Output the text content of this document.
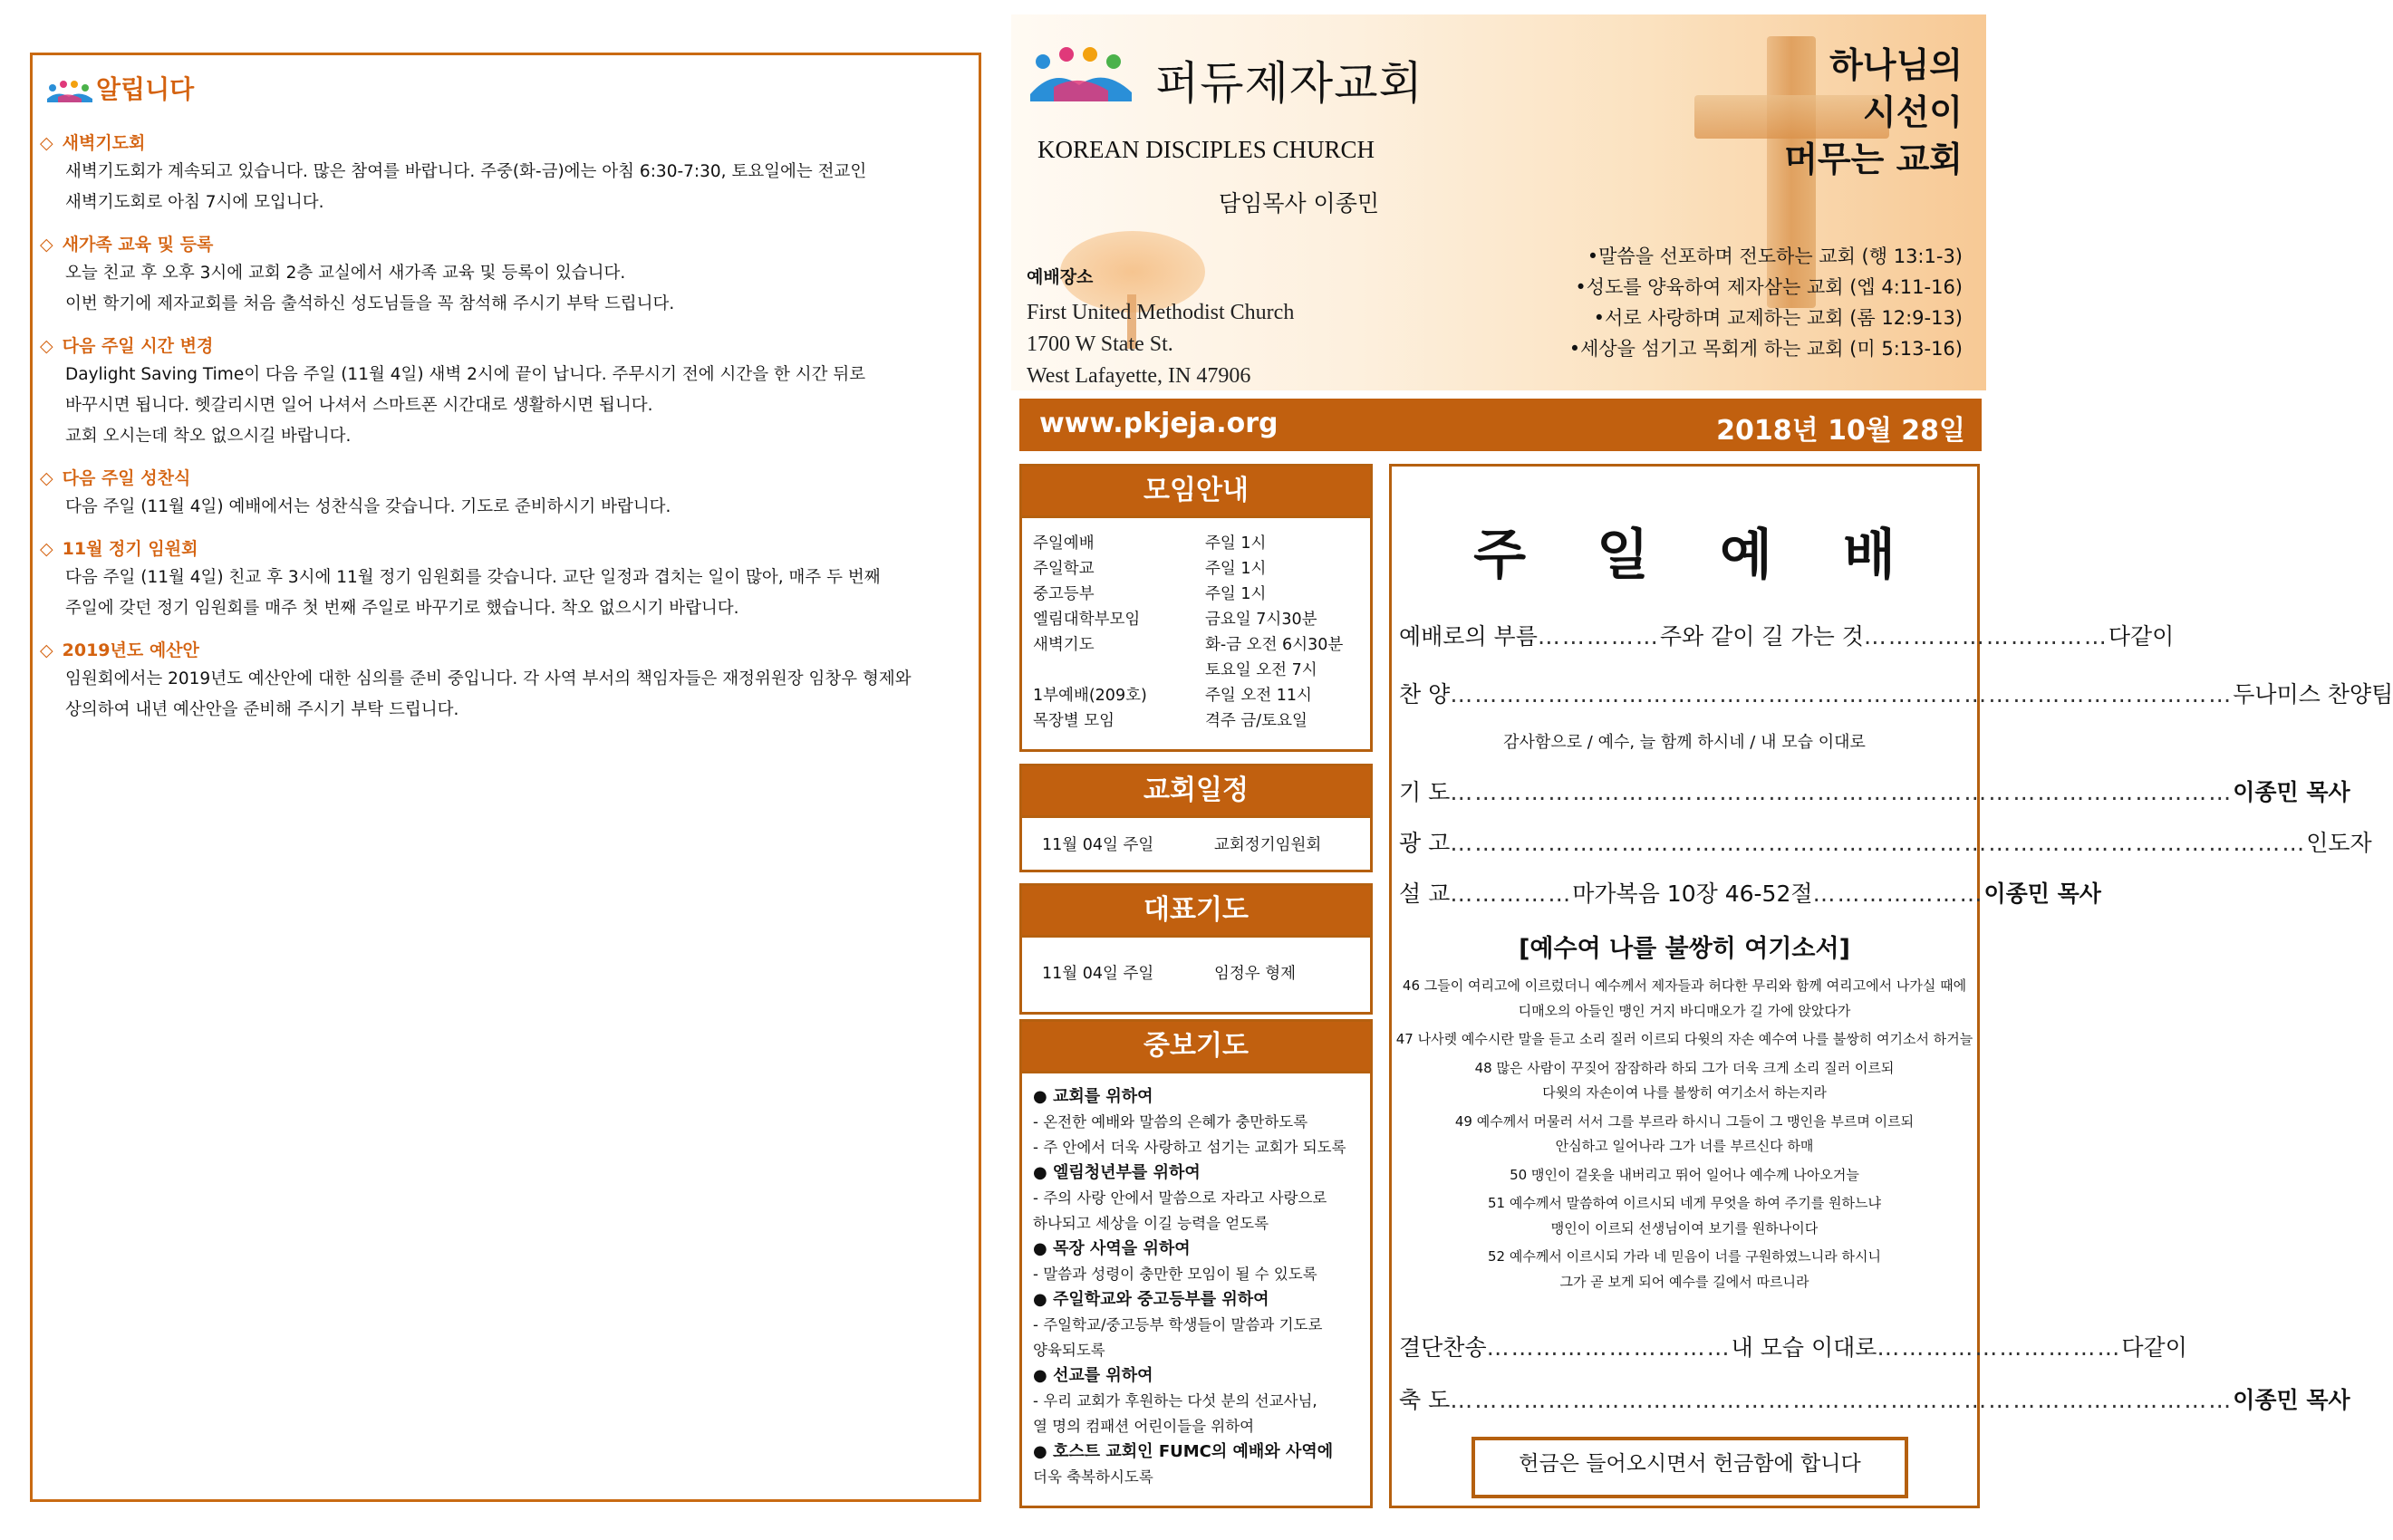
알립니다
◇ 새벽기도회
새벽기도회가 계속되고 있습니다. 많은 참여를 바랍니다. 주중(화-금)에는 아침 6:30-7:30, 토요일에는 전교인
새벽기도회로 아침 7시에 모입니다.
◇ 새가족 교육 및 등록
오늘 친교 후 오후 3시에 교회 2층 교실에서 새가족 교육 및 등록이 있습니다.
이번 학기에 제자교회를 처음 출석하신 성도님들을 꼭 참석해 주시기 부탁 드립니다.
◇ 다음 주일 시간 변경
Daylight Saving Time이 다음 주일 (11월 4일) 새벽 2시에 끝이 납니다. 주무시기 전에 시간을 한 시간 뒤로
바꾸시면 됩니다. 헷갈리시면 일어 나셔서 스마트폰 시간대로 생활하시면 됩니다.
교회 오시는데 착오 없으시길 바랍니다.
◇ 다음 주일 성찬식
다음 주일 (11월 4일) 예배에서는 성찬식을 갖습니다. 기도로 준비하시기 바랍니다.
◇ 11월 정기 임원회
다음 주일 (11월 4일) 친교 후 3시에 11월 정기 임원회를 갖습니다. 교단 일정과 겹치는 일이 많아, 매주 두 번째
주일에 갖던 정기 임원회를 매주 첫 번째 주일로 바꾸기로 했습니다. 착오 없으시기 바랍니다.
◇ 2019년도 예산안
임원회에서는 2019년도 예산안에 대한 심의를 준비 중입니다. 각 사역 부서의 책임자들은 재정위원장 임창우 형제와
상의하여 내년 예산안을 준비해 주시기 부탁 드립니다.
퍼듀제자교회
KOREAN DISCIPLES CHURCH
담임목사 이종민
하나님의
시선이
머무는 교회
예배장소
First United Methodist Church
1700 W State St.
West Lafayette, IN 47906
•말씀을 선포하며 전도하는 교회 (행 13:1-3)
•성도를 양육하여 제자삼는 교회 (엡 4:11-16)
•서로 사랑하며 교제하는 교회 (롬 12:9-13)
•세상을 섬기고 목회게 하는 교회 (미 5:13-16)
www.pkjeja.org	2018년 10월 28일
모임안내
주일예배	주일 1시
주일학교	주일 1시
중고등부	주일 1시
엘림대학부모임	금요일 7시30분
새벽기도	화-금 오전 6시30분
토요일 오전 7시
1부예배(209호)	주일 오전 11시
목장별 모임	격주 금/토요일
교회일정
11월 04일 주일	교회정기임원회
대표기도
11월 04일 주일	임정우 형제
중보기도
● 교회를 위하여
- 온전한 예배와 말씀의 은혜가 충만하도록
- 주 안에서 더욱 사랑하고 섬기는 교회가 되도록
● 엘림청년부를 위하여
- 주의 사랑 안에서 말씀으로 자라고 사랑으로
하나되고 세상을 이길 능력을 얻도록
● 목장 사역을 위하여
- 말씀과 성령이 충만한 모임이 될 수 있도록
● 주일학교와 중고등부를 위하여
- 주일학교/중고등부 학생들이 말씀과 기도로
양육되도록
● 선교를 위하여
- 우리 교회가 후원하는 다섯 분의 선교사님,
열 명의 컴패션 어린이들을 위하여
● 호스트 교회인 FUMC의 예배와 사역에
더욱 축복하시도록
주일예배
예배로의 부름 …………… 주와 같이 길 가는 것 ………………………… 다같이
찬 양 …………………………………………………………………………………… 두나미스 찬양팀
감사함으로 / 예수, 늘 함께 하시네 / 내 모습 이대로
기 도 …………………………………………………………………………………… 이종민 목사
광 고 …………………………………………………………………………………………… 인도자
설 교 …………… 마가복음 10장 46-52절 ………………… 이종민 목사
[예수여 나를 불쌍히 여기소서]
46 그들이 여리고에 이르렀더니 예수께서 제자들과 허다한 무리와 함께 여리고에서 나가실 때에
디매오의 아들인 맹인 거지 바디매오가 길 가에 앉았다가
47 나사렛 예수시란 말을 듣고 소리 질러 이르되 다윗의 자손 예수여 나를 불쌍히 여기소서 하거늘
48 많은 사람이 꾸짖어 잠잠하라 하되 그가 더욱 크게 소리 질러 이르되
다윗의 자손이여 나를 불쌍히 여기소서 하는지라
49 예수께서 머물러 서서 그를 부르라 하시니 그들이 그 맹인을 부르며 이르되
안심하고 일어나라 그가 너를 부르신다 하매
50 맹인이 겉옷을 내버리고 뛰어 일어나 예수께 나아오거늘
51 예수께서 말씀하여 이르시되 네게 무엇을 하여 주기를 원하느냐
맹인이 이르되 선생님이여 보기를 원하나이다
52 예수께서 이르시되 가라 네 믿음이 너를 구원하였느니라 하시니
그가 곧 보게 되어 예수를 길에서 따르니라
결단찬송 ………………………… 내 모습 이대로 ………………………… 다같이
축 도 …………………………………………………………………………………… 이종민 목사
헌금은 들어오시면서 헌금함에 합니다
